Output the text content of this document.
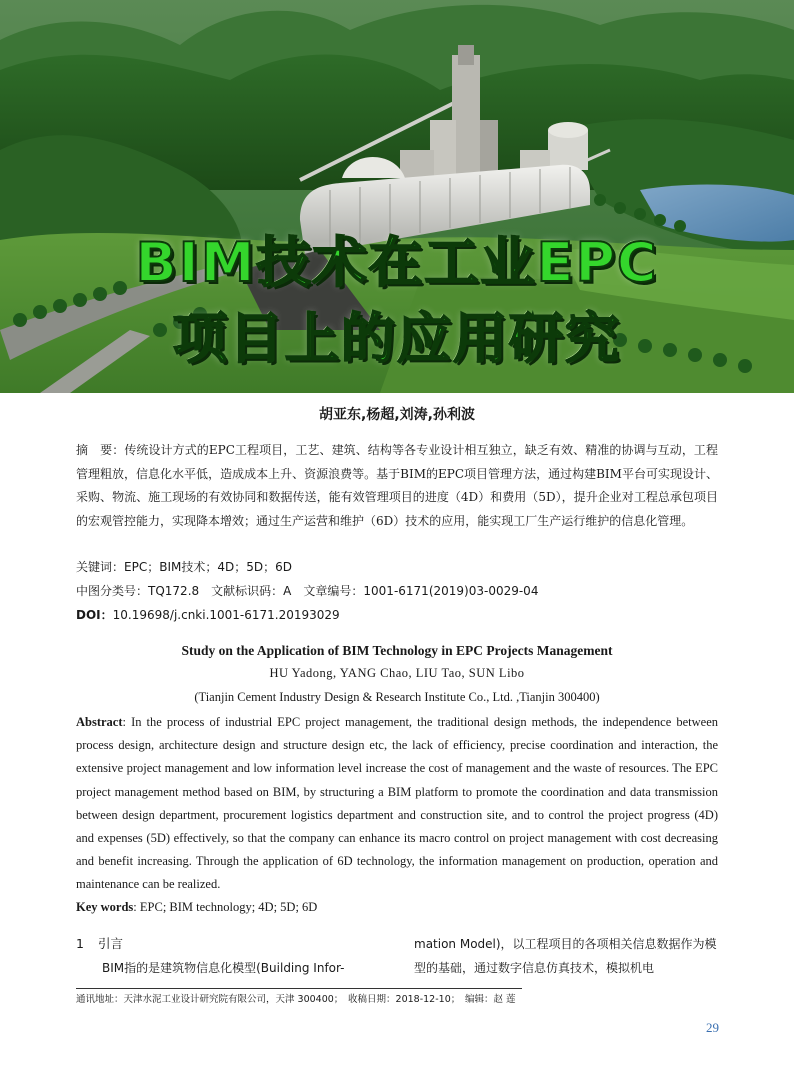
BIM技术在工业EPC
项目上的应用研究
胡亚东,杨超,刘涛,孙利波
摘　要：传统设计方式的EPC工程项目，工艺、建筑、结构等各专业设计相互独立，缺乏有效、精准的协调与互动，工程管理粗放，信息化水平低，造成成本上升、资源浪费等。基于BIM的EPC项目管理方法，通过构建BIM平台可实现设计、采购、物流、施工现场的有效协同和数据传送，能有效管理项目的进度（4D）和费用（5D），提升企业对工程总承包项目的宏观管控能力，实现降本增效；通过生产运营和维护（6D）技术的应用，能实现工厂生产运行维护的信息化管理。
关键词：EPC；BIM技术；4D；5D；6D
中图分类号：TQ172.8 文献标识码：A 文章编号：1001-6171(2019)03-0029-04
DOI：10.19698/j.cnki.1001-6171.20193029
Study on the Application of BIM Technology in EPC Projects Management
HU Yadong, YANG Chao, LIU Tao, SUN Libo
(Tianjin Cement Industry Design & Research Institute Co., Ltd. ,Tianjin 300400)
Abstract: In the process of industrial EPC project management, the traditional design methods, the independence between process design, architecture design and structure design etc, the lack of efficiency, precise coordination and interaction, the extensive project management and low information level increase the cost of management and the waste of resources. The EPC project management method based on BIM, by structuring a BIM platform to promote the coordination and data transmission between design department, procurement logistics department and construction site, and to control the project progress (4D) and expenses (5D) effectively, so that the company can enhance its macro control on project management with cost decreasing and benefit increasing. Through the application of 6D technology, the information management on production, operation and maintenance can be realized.
Key words: EPC; BIM technology; 4D; 5D; 6D
1 引言
BIM指的是建筑物信息化模型(Building Infor-
mation Model)，以工程项目的各项相关信息数据作为模型的基础，通过数字信息仿真技术，模拟机电
通讯地址：天津水泥工业设计研究院有限公司，天津 300400；　收稿日期：2018-12-10；　编辑：赵 莲
29
